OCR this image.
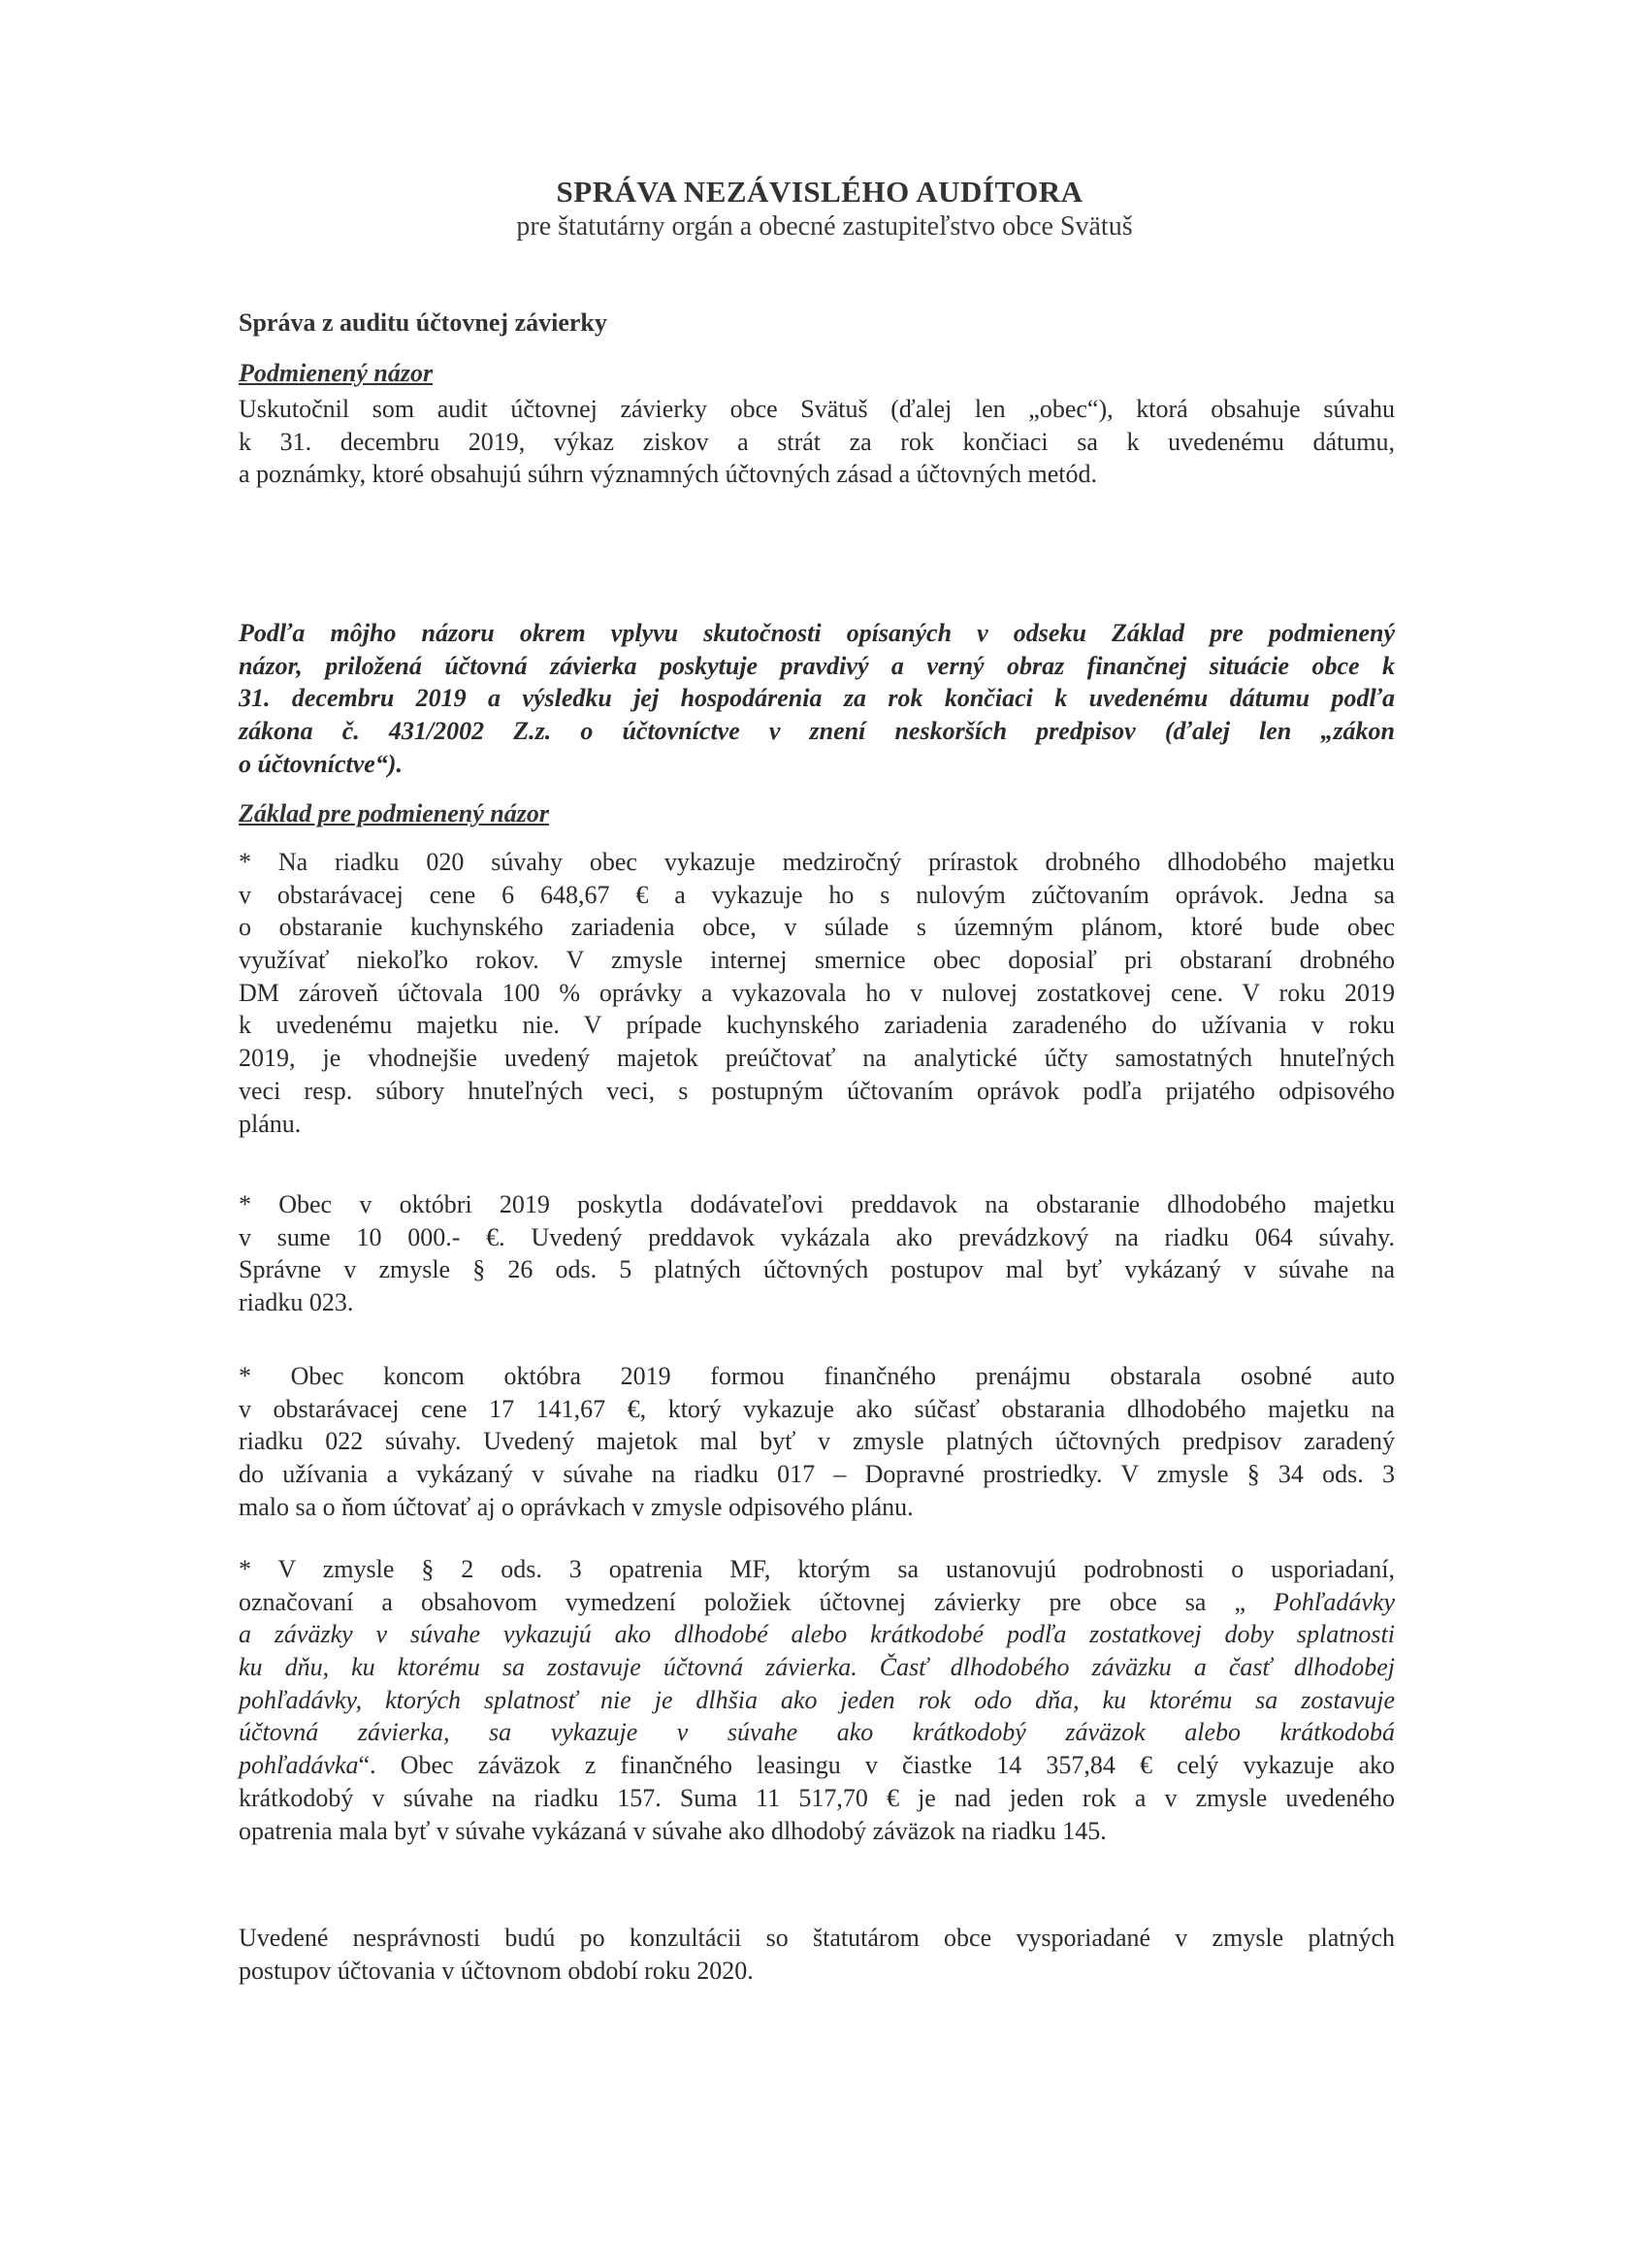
SPRÁVA NEZÁVISLÉHO AUDÍTORA
pre štatutárny orgán a obecné zastupiteľstvo obce Svätuš
Správa z auditu účtovnej závierky
Podmienený názor
Základ pre podmienený názor
Uskutočnil som audit účtovnej závierky obce Svätuš (ďalej len „obec“), ktorá obsahuje súvahu
k 31. decembru 2019, výkaz ziskov a strát za rok končiaci sa k uvedenému dátumu,
a poznámky, ktoré obsahujú súhrn významných účtovných zásad a účtovných metód.
Podľa môjho názoru okrem vplyvu skutočnosti opísaných v odseku Základ pre podmienený
názor, priložená účtovná závierka poskytuje pravdivý a verný obraz finančnej situácie obce k
31. decembru 2019 a výsledku jej hospodárenia za rok končiaci k uvedenému dátumu podľa
zákona č. 431/2002 Z.z. o účtovníctve v znení neskorších predpisov (ďalej len „zákon
o účtovníctve“).
* Na riadku 020 súvahy obec vykazuje medziročný prírastok drobného dlhodobého majetku
v obstarávacej cene 6 648,67 € a vykazuje ho s nulovým zúčtovaním oprávok. Jedna sa
o obstaranie kuchynského zariadenia obce, v súlade s územným plánom, ktoré bude obec
využívať niekoľko rokov. V zmysle internej smernice obec doposiaľ pri obstaraní drobného
DM zároveň účtovala 100 % oprávky a vykazovala ho v nulovej zostatkovej cene. V roku 2019
k uvedenému majetku nie. V prípade kuchynského zariadenia zaradeného do užívania v roku
2019, je vhodnejšie uvedený majetok preúčtovať na analytické účty samostatných hnuteľných
veci resp. súbory hnuteľných veci, s postupným účtovaním oprávok podľa prijatého odpisového
plánu.
* Obec v októbri 2019 poskytla dodávateľovi preddavok na obstaranie dlhodobého majetku
v sume 10 000.- €. Uvedený preddavok vykázala ako prevádzkový na riadku 064 súvahy.
Správne v zmysle § 26 ods. 5 platných účtovných postupov mal byť vykázaný v súvahe na
riadku 023.
* Obec koncom októbra 2019 formou finančného prenájmu obstarala osobné auto
v obstarávacej cene 17 141,67 €, ktorý vykazuje ako súčasť obstarania dlhodobého majetku na
riadku 022 súvahy. Uvedený majetok mal byť v zmysle platných účtovných predpisov zaradený
do užívania a vykázaný v súvahe na riadku 017 – Dopravné prostriedky. V zmysle § 34 ods. 3
malo sa o ňom účtovať aj o oprávkach v zmysle odpisového plánu.
* V zmysle § 2 ods. 3 opatrenia MF, ktorým sa ustanovujú podrobnosti o usporiadaní,
označovaní a obsahovom vymedzení položiek účtovnej závierky pre obce sa „ Pohľadávky
a záväzky v súvahe vykazujú ako dlhodobé alebo krátkodobé podľa zostatkovej doby splatnosti
ku dňu, ku ktorému sa zostavuje účtovná závierka. Časť dlhodobého záväzku a časť dlhodobej
pohľadávky, ktorých splatnosť nie je dlhšia ako jeden rok odo dňa, ku ktorému sa zostavuje
účtovná závierka, sa vykazuje v súvahe ako krátkodobý záväzok alebo krátkodobá
pohľadávka“. Obec záväzok z finančného leasingu v čiastke 14 357,84 € celý vykazuje ako
krátkodobý v súvahe na riadku 157. Suma 11 517,70 € je nad jeden rok a v zmysle uvedeného
opatrenia mala byť v súvahe vykázaná v súvahe ako dlhodobý záväzok na riadku 145.
Uvedené nesprávnosti budú po konzultácii so štatutárom obce vysporiadané v zmysle platných
postupov účtovania v účtovnom období roku 2020.
